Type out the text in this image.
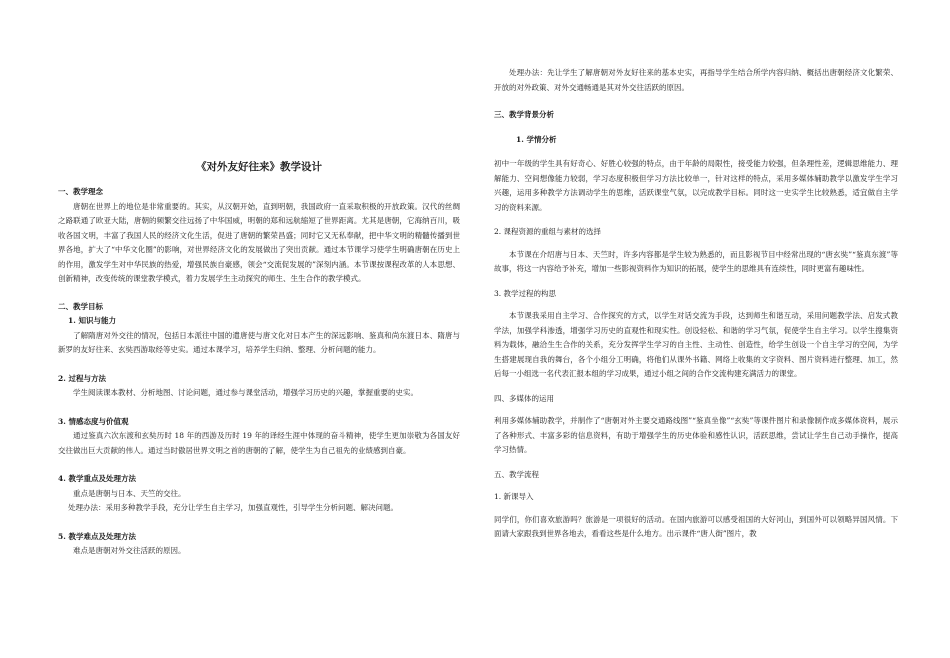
《对外友好往来》教学设计

一、教学理念

唐朝在世界上的地位是非常重要的。其实，从汉朝开始，直到明朝，我国政府一直采取积极的开放政策。汉代的丝绸之路联通了欧亚大陆，唐朝的频繁交往远扬了中华国威，明朝的郑和远航缩短了世界距离。尤其是唐朝，它海纳百川，吸收各国文明，丰富了我国人民的经济文化生活，促进了唐朝的繁荣昌盛；同时它又无私奉献，把中华文明的精髓传播到世界各地，扩大了“中华文化圈”的影响，对世界经济文化的发展做出了突出贡献。通过本节课学习使学生明确唐朝在历史上的作用，激发学生对中华民族的热爱，增强民族自豪感，领会“交流促发展的”深刻内涵。本节课按课程改革的人本思想、创新精神，改变传统的课堂教学模式，着力发展学生主动探究的师生、生生合作的教学模式。

二、教学目标

1. 知识与能力

了解隋唐对外交往的情况，包括日本派往中国的遣唐使与唐文化对日本产生的深远影响、鉴真和尚东渡日本、隋唐与新罗的友好往来、玄奘西游取经等史实。通过本课学习，培养学生归纳、整理、分析问题的能力。

2. 过程与方法

学生阅读课本教材、分析地图、讨论问题，通过参与课堂活动，增强学习历史的兴趣，掌握重要的史实。

3. 情感态度与价值观

通过鉴真六次东渡和玄奘历时 18 年的西游及历时 19 年的译经生涯中体现的奋斗精神，使学生更加崇敬为各国友好交往做出巨大贡献的伟人。通过当时傲居世界文明之首的唐朝的了解，使学生为自己祖先的业绩感到自豪。

4. 教学重点及处理方法

重点是唐朝与日本、天竺的交往。

处理办法：采用多种教学手段，充分让学生自主学习，加强直观性，引导学生分析问题、解决问题。

5. 教学难点及处理方法

难点是唐朝对外交往活跃的原因。

处理办法：先让学生了解唐朝对外友好往来的基本史实，再指导学生结合所学内容归纳、概括出唐朝经济文化繁荣、开放的对外政策、对外交通畅通是其对外交往活跃的原因。

三、教学背景分析

1. 学情分析

初中一年级的学生具有好奇心、好胜心较强的特点，由于年龄的局限性，接受能力较强，但条理性差，逻辑思维能力、理解能力、空间想像能力较弱，学习态度积极但学习方法比较单一，针对这样的特点，采用多媒体辅助教学以激发学生学习兴趣，运用多种教学方法调动学生的思维，活跃课堂气氛，以完成教学目标。同时这一史实学生比较熟悉，适宜做自主学习的资料来源。

2. 课程资源的重组与素材的选择

本节课在介绍唐与日本、天竺时，许多内容都是学生较为熟悉的，而且影视节目中经常出现的“唐玄奘”“鉴真东渡”等故事，将这一内容给予补充，增加一些影视资料作为知识的拓展，使学生的思维具有连续性，同时更富有趣味性。

3. 教学过程的构思

本节课我采用自主学习、合作探究的方式，以学生对话交流为手段，达到师生和谐互动，采用问题教学法、启发式教学法，加强学科渗透，增强学习历史的直观性和现实性。创设轻松、和谐的学习气氛，促使学生自主学习。以学生搜集资料为载体，融洽生生合作的关系，充分发挥学生学习的自主性、主动性、创造性，给学生创设一个自主学习的空间，为学生搭建展现自我的舞台，各个小组分工明确，将他们从课外书籍、网络上收集的文字资料、图片资料进行整理、加工，然后每一小组选一名代表汇报本组的学习成果，通过小组之间的合作交流构建充满活力的课堂。

四、多媒体的运用

利用多媒体辅助教学，并制作了“唐朝对外主要交通路线图”“鉴真坐像”“玄奘”等课件图片和录像制作成多媒体资料，展示了各种形式、丰富多彩的信息资料，有助于增强学生的历史体验和感性认识，活跃思维，尝试让学生自己动手操作，提高学习热情。

五、教学流程

1. 新课导入

同学们，你们喜欢旅游吗？旅游是一项很好的活动。在国内旅游可以感受祖国的大好河山，到国外可以领略异国风情。下面请大家跟我到世界各地去，看看这些是什么地方。出示课件“唐人街”图片，教
